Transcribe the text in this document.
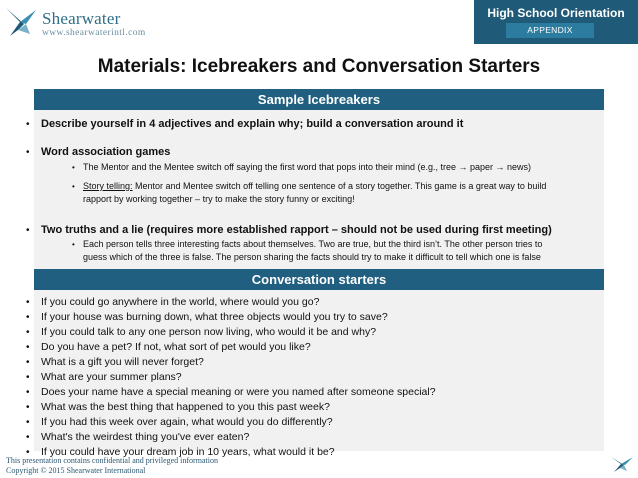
Shearwater
www.shearwaterintl.com
High School Orientation
APPENDIX
Materials: Icebreakers and Conversation Starters
Sample Icebreakers
• Describe yourself in 4 adjectives and explain why; build a conversation around it
• Word association games
• The Mentor and the Mentee switch off saying the first word that pops into their mind (e.g., tree → paper → news)
• Story telling: Mentor and Mentee switch off telling one sentence of a story together. This game is a great way to build
rapport by working together – try to make the story funny or exciting!
• Two truths and a lie (requires more established rapport – should not be used during first meeting)
• Each person tells three interesting facts about themselves. Two are true, but the third isn’t. The other person tries to
guess which of the three is false. The person sharing the facts should try to make it difficult to tell which one is false
Conversation starters
• If you could go anywhere in the world, where would you go?
• If your house was burning down, what three objects would you try to save?
• If you could talk to any one person now living, who would it be and why?
• Do you have a pet? If not, what sort of pet would you like?
• What is a gift you will never forget?
• What are your summer plans?
• Does your name have a special meaning or were you named after someone special?
• What was the best thing that happened to you this past week?
• If you had this week over again, what would you do differently?
• What's the weirdest thing you've ever eaten?
• If you could have your dream job in 10 years, what would it be?
This presentation contains confidential and privileged information
Copyright © 2015 Shearwater International
